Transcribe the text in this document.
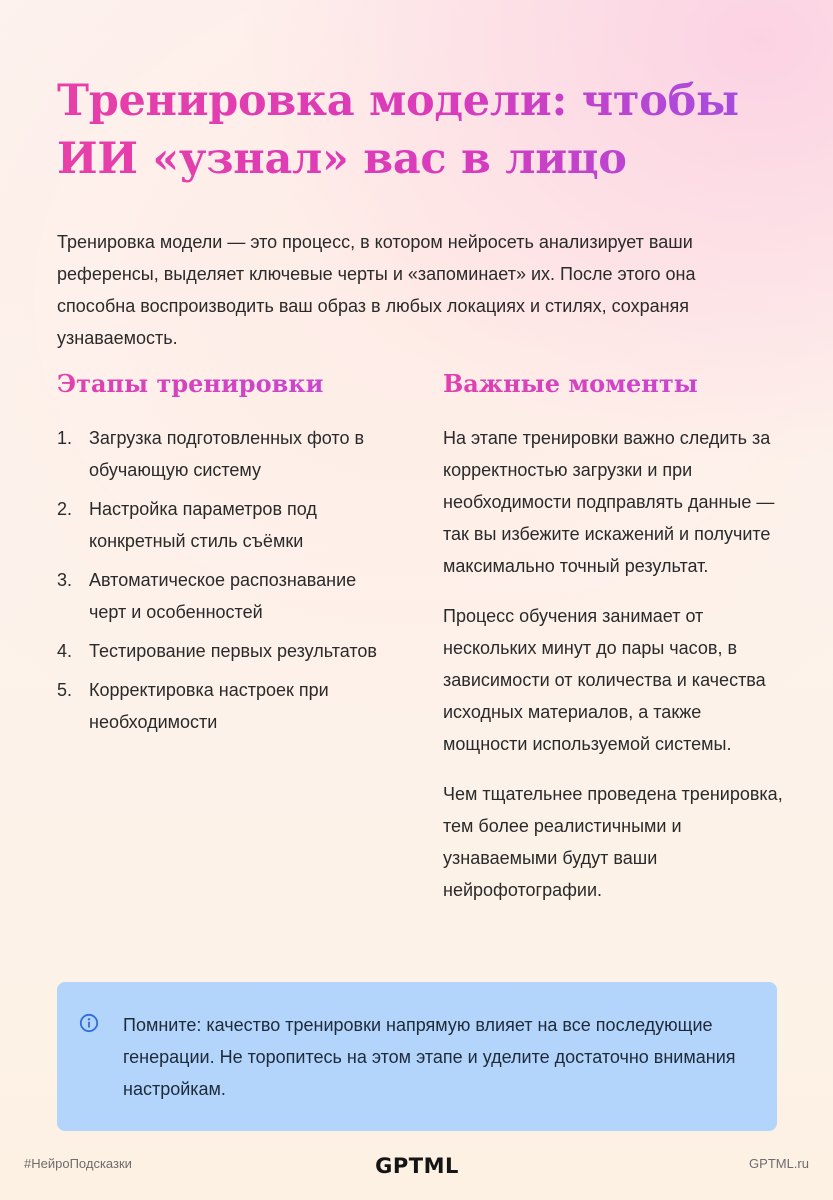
Тренировка модели: чтобы ИИ «узнал» вас в лицо

Тренировка модели — это процесс, в котором нейросеть анализирует ваши референсы, выделяет ключевые черты и «запоминает» их. После этого она способна воспроизводить ваш образ в любых локациях и стилях, сохраняя узнаваемость.

Этапы тренировки	Важные моменты
1. Загрузка подготовленных фото в обучающую систему
2. Настройка параметров под конкретный стиль съёмки
3. Автоматическое распознавание черт и особенностей
4. Тестирование первых результатов
5. Корректировка настроек при необходимости

На этапе тренировки важно следить за корректностью загрузки и при необходимости подправлять данные — так вы избежите искажений и получите максимально точный результат.

Процесс обучения занимает от нескольких минут до пары часов, в зависимости от количества и качества исходных материалов, а также мощности используемой системы.

Чем тщательнее проведена тренировка, тем более реалистичными и узнаваемыми будут ваши нейрофотографии.

Помните: качество тренировки напрямую влияет на все последующие генерации. Не торопитесь на этом этапе и уделите достаточно внимания настройкам.

#НейроПодсказки	GPTML	GPTML.ru
